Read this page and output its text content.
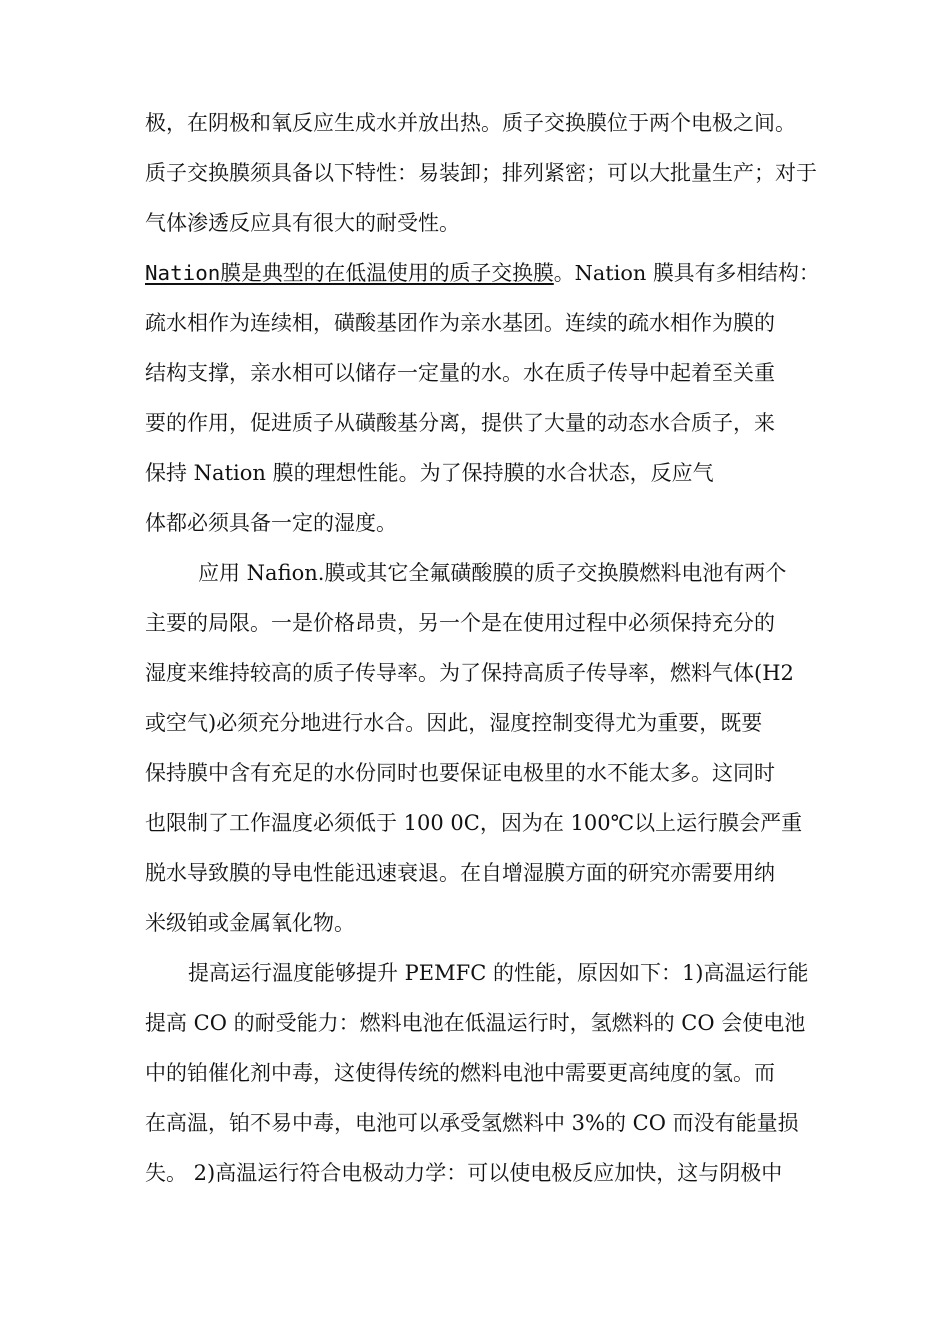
极，在阴极和氧反应生成水并放出热。质子交换膜位于两个电极之间。
质子交换膜须具备以下特性：易装卸；排列紧密；可以大批量生产；对于
气体渗透反应具有很大的耐受性。
Nation膜是典型的在低温使用的质子交换膜。Nation 膜具有多相结构：
疏水相作为连续相，磺酸基团作为亲水基团。连续的疏水相作为膜的
结构支撑，亲水相可以储存一定量的水。水在质子传导中起着至关重
要的作用，促进质子从磺酸基分离，提供了大量的动态水合质子，来
保持 Nation 膜的理想性能。为了保持膜的水合状态，反应气
体都必须具备一定的湿度。
应用 Nafion.膜或其它全氟磺酸膜的质子交换膜燃料电池有两个
主要的局限。一是价格昂贵，另一个是在使用过程中必须保持充分的
湿度来维持较高的质子传导率。为了保持高质子传导率，燃料气体(H2
或空气)必须充分地进行水合。因此，湿度控制变得尤为重要，既要
保持膜中含有充足的水份同时也要保证电极里的水不能太多。这同时
也限制了工作温度必须低于 100 0C，因为在 100℃以上运行膜会严重
脱水导致膜的导电性能迅速衰退。在自增湿膜方面的研究亦需要用纳
米级铂或金属氧化物。
提高运行温度能够提升 PEMFC 的性能，原因如下：1)高温运行能
提高 CO 的耐受能力：燃料电池在低温运行时，氢燃料的 CO 会使电池
中的铂催化剂中毒，这使得传统的燃料电池中需要更高纯度的氢。而
在高温，铂不易中毒，电池可以承受氢燃料中 3%的 CO 而没有能量损
失。 2)高温运行符合电极动力学：可以使电极反应加快，这与阴极中
